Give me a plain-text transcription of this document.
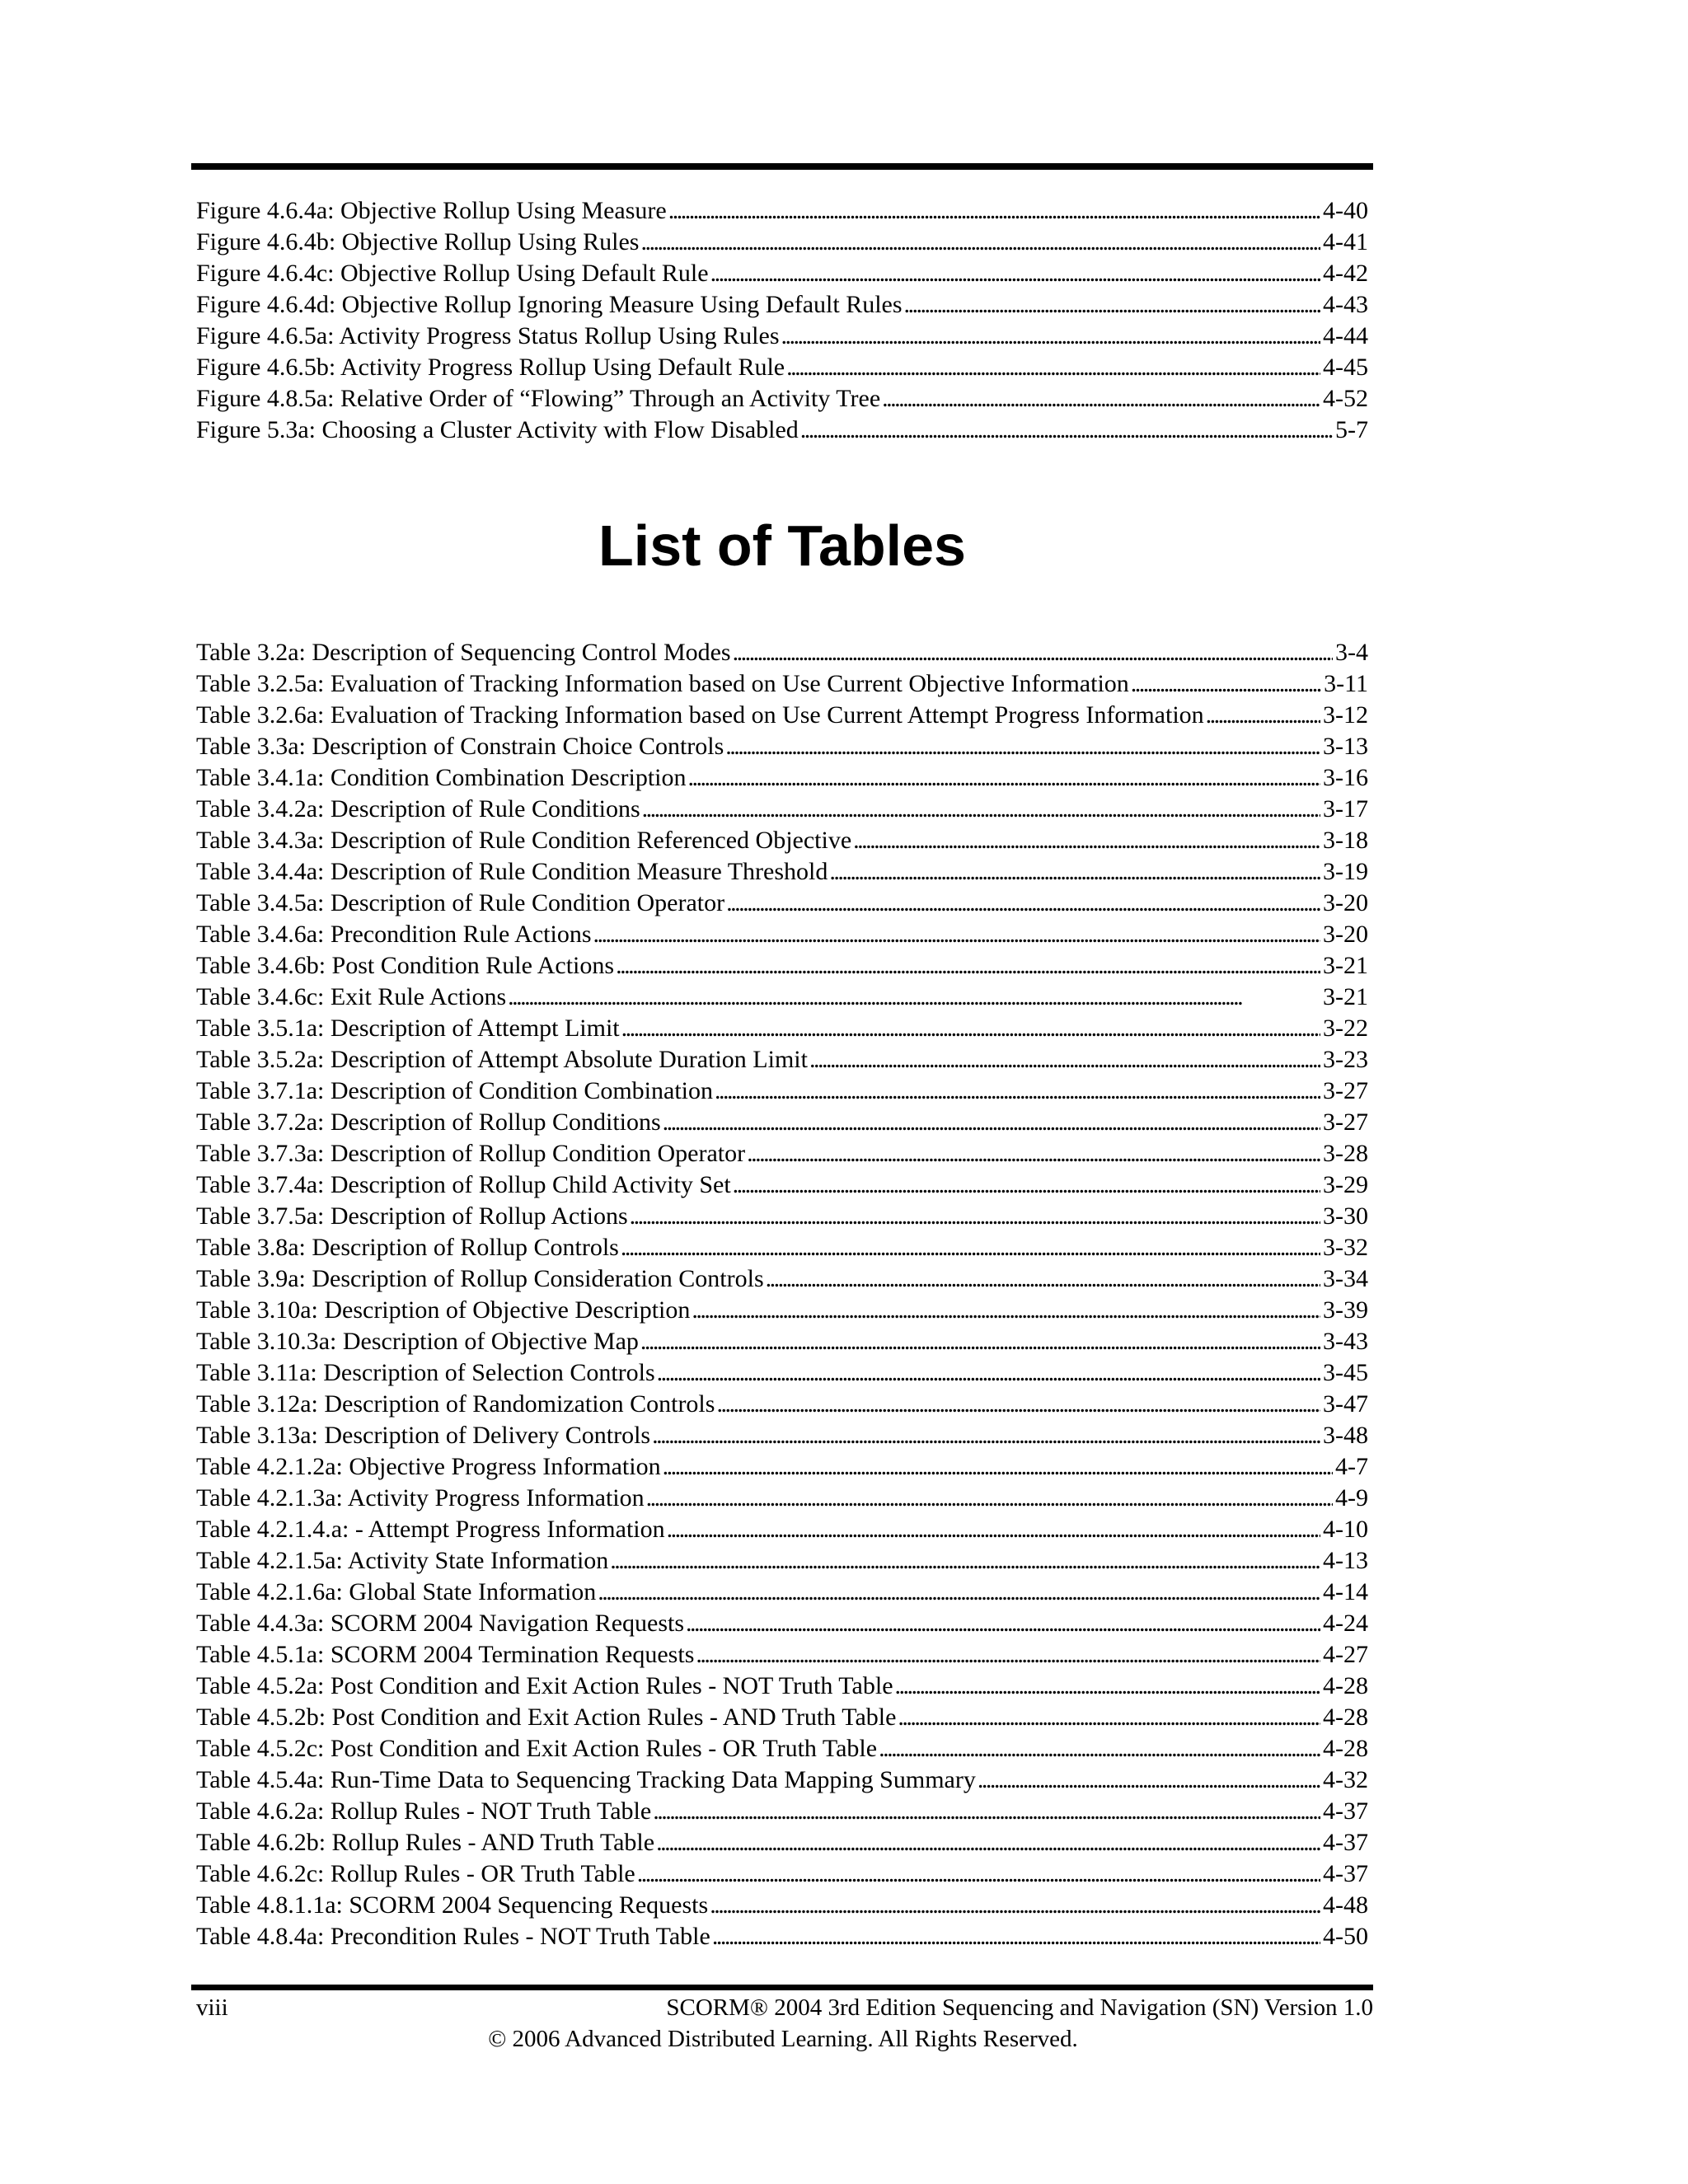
Figure 4.6.4a: Objective Rollup Using Measure . . .	4-40
Figure 4.6.4b: Objective Rollup Using Rules . . .	4-41
Figure 4.6.4c: Objective Rollup Using Default Rule . . .	4-42
Figure 4.6.4d: Objective Rollup Ignoring Measure Using Default Rules . . .	4-43
Figure 4.6.5a: Activity Progress Status Rollup Using Rules . . .	4-44
Figure 4.6.5b: Activity Progress Rollup Using Default Rule . . .	4-45
Figure 4.8.5a: Relative Order of “Flowing” Through an Activity Tree . . .	4-52
Figure 5.3a: Choosing a Cluster Activity with Flow Disabled . . .	5-7
List of Tables
Table 3.2a: Description of Sequencing Control Modes . . .	3-4
Table 3.2.5a: Evaluation of Tracking Information based on Use Current Objective Information . . .	3-11
Table 3.2.6a: Evaluation of Tracking Information based on Use Current Attempt Progress Information . . .	3-12
Table 3.3a: Description of Constrain Choice Controls . . .	3-13
Table 3.4.1a: Condition Combination Description . . .	3-16
Table 3.4.2a: Description of Rule Conditions . . .	3-17
Table 3.4.3a: Description of Rule Condition Referenced Objective . . .	3-18
Table 3.4.4a: Description of Rule Condition Measure Threshold . . .	3-19
Table 3.4.5a: Description of Rule Condition Operator . . .	3-20
Table 3.4.6a: Precondition Rule Actions . . .	3-20
Table 3.4.6b: Post Condition Rule Actions . . .	3-21
Table 3.4.6c: Exit Rule Actions . . .	3-21
Table 3.5.1a: Description of Attempt Limit . . .	3-22
Table 3.5.2a: Description of Attempt Absolute Duration Limit . . .	3-23
Table 3.7.1a: Description of Condition Combination . . .	3-27
Table 3.7.2a: Description of Rollup Conditions . . .	3-27
Table 3.7.3a: Description of Rollup Condition Operator . . .	3-28
Table 3.7.4a: Description of Rollup Child Activity Set . . .	3-29
Table 3.7.5a: Description of Rollup Actions . . .	3-30
Table 3.8a: Description of Rollup Controls . . .	3-32
Table 3.9a: Description of Rollup Consideration Controls . . .	3-34
Table 3.10a: Description of Objective Description . . .	3-39
Table 3.10.3a: Description of Objective Map . . .	3-43
Table 3.11a: Description of Selection Controls . . .	3-45
Table 3.12a: Description of Randomization Controls . . .	3-47
Table 3.13a: Description of Delivery Controls . . .	3-48
Table 4.2.1.2a: Objective Progress Information . . .	4-7
Table 4.2.1.3a: Activity Progress Information . . .	4-9
Table 4.2.1.4.a: - Attempt Progress Information . . .	4-10
Table 4.2.1.5a: Activity State Information . . .	4-13
Table 4.2.1.6a: Global State Information . . .	4-14
Table 4.4.3a: SCORM 2004 Navigation Requests . . .	4-24
Table 4.5.1a: SCORM 2004 Termination Requests . . .	4-27
Table 4.5.2a: Post Condition and Exit Action Rules - NOT Truth Table . . .	4-28
Table 4.5.2b: Post Condition and Exit Action Rules - AND Truth Table . . .	4-28
Table 4.5.2c: Post Condition and Exit Action Rules - OR Truth Table . . .	4-28
Table 4.5.4a: Run-Time Data to Sequencing Tracking Data Mapping Summary . . .	4-32
Table 4.6.2a: Rollup Rules - NOT Truth Table . . .	4-37
Table 4.6.2b: Rollup Rules - AND Truth Table . . .	4-37
Table 4.6.2c: Rollup Rules - OR Truth Table . . .	4-37
Table 4.8.1.1a: SCORM 2004 Sequencing Requests . . .	4-48
Table 4.8.4a: Precondition Rules - NOT Truth Table . . .	4-50
viii	SCORM® 2004 3rd Edition Sequencing and Navigation (SN) Version 1.0
© 2006 Advanced Distributed Learning. All Rights Reserved.
